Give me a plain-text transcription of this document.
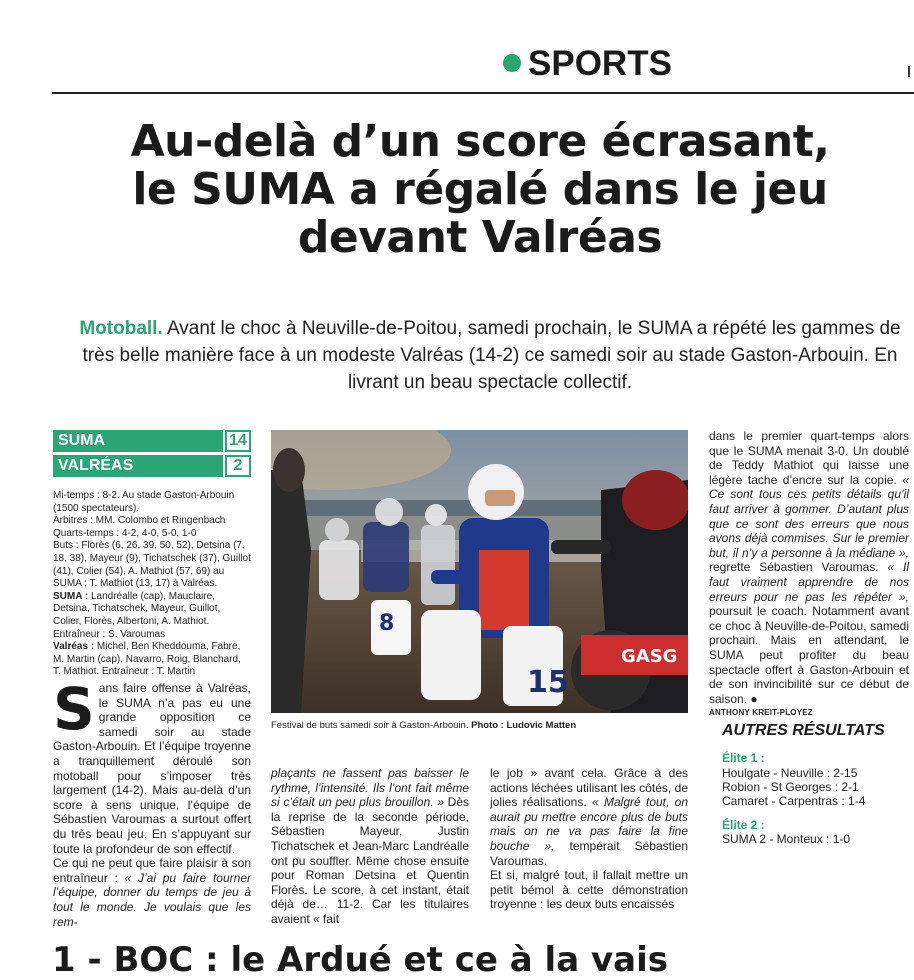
SPORTS
Au-delà d’un score écrasant,
le SUMA a régalé dans le jeu
devant Valréas
Motoball. Avant le choc à Neuville-de-Poitou, samedi prochain, le SUMA a répété les gammes de très belle manière face à un modeste Valréas (14-2) ce samedi soir au stade Gaston-Arbouin. En livrant un beau spectacle collectif.
SUMA	14
VALRÉAS	2

Mi-temps : 8-2. Au stade Gaston-Arbouin (1500 spectateurs).

Arbitres : MM. Colombo et Ringenbach

Quarts-temps : 4-2, 4-0, 5-0, 1-0

Buts : Florès (6, 26, 39, 50, 52), Detsina (7, 18, 38), Mayeur (9), Tichatschek (37), Guillot (41), Colier (54), A. Mathiot (57, 69) au SUMA ; T. Mathiot (13, 17) à Valréas.

SUMA : Landréalle (cap), Mauclaire, Detsina, Tichatschek, Mayeur, Guillot, Colier, Florès, Albertoni, A. Mathiot. Entraîneur : S. Varoumas

Valréas : Michel, Ben Kheddouma, Fabre, M. Martin (cap), Navarro, Roig, Blanchard, T. Mathiot. Entraîneur : T. Martin

Sans faire offense à Valréas, le SUMA n’a pas eu une grande opposition ce samedi soir au stade Gaston-Arbouin. Et l’équipe troyenne a tranquillement déroulé son motoball pour s’imposer très largement (14-2). Mais au-delà d’un score à sens unique, l’équipe de Sébastien Varoumas a surtout offert du très beau jeu. En s’appuyant sur toute la profondeur de son effectif.

Ce qui ne peut que faire plaisir à son entraîneur : « J’ai pu faire tourner l’équipe, donner du temps de jeu à tout le monde. Je voulais que les rem-

15
8
GASG
Festival de buts samedi soir à Gaston-Arbouin. Photo : Ludovic Matten

plaçants ne fassent pas baisser le rythme, l’intensité. Ils l’ont fait même si c’était un peu plus brouillon. » Dès la reprise de la seconde période, Sébastien Mayeur, Justin Tichatschek et Jean-Marc Landréalle ont pu souffler. Même chose ensuite pour Roman Detsina et Quentin Florès. Le score, à cet instant, était déjà de… 11-2. Car les titulaires avaient « fait

le job » avant cela. Grâce à des actions léchées utilisant les côtés, de jolies réalisations. « Malgré tout, on aurait pu mettre encore plus de buts mais on ne va pas faire la fine bouche », tempérait Sébastien Varoumas.

Et si, malgré tout, il fallait mettre un petit bémol à cette démonstration troyenne : les deux buts encaissés

dans le premier quart-temps alors que le SUMA menait 3-0. Un doublé de Teddy Mathiot qui laisse une légère tache d’encre sur la copie. « Ce sont tous ces petits détails qu’il faut arriver à gommer. D’autant plus que ce sont des erreurs que nous avons déjà commises. Sur le premier but, il n’y a personne à la médiane », regrette Sébastien Varoumas. « Il faut vraiment apprendre de nos erreurs pour ne pas les répéter », poursuit le coach. Notamment avant ce choc à Neuville-de-Poitou, samedi prochain. Mais en attendant, le SUMA peut profiter du beau spectacle offert à Gaston-Arbouin et de son invincibilité sur ce début de saison. ●

ANTHONY KREIT-PLOYEZ
AUTRES RÉSULTATS
Élite 1 :
Houlgate - Neuville : 2-15
Robion - St Georges : 2-1
Camaret - Carpentras : 1-4
Élite 2 :
SUMA 2 - Monteux : 1-0
1 - BOC : le Ardué et ce à la vais
